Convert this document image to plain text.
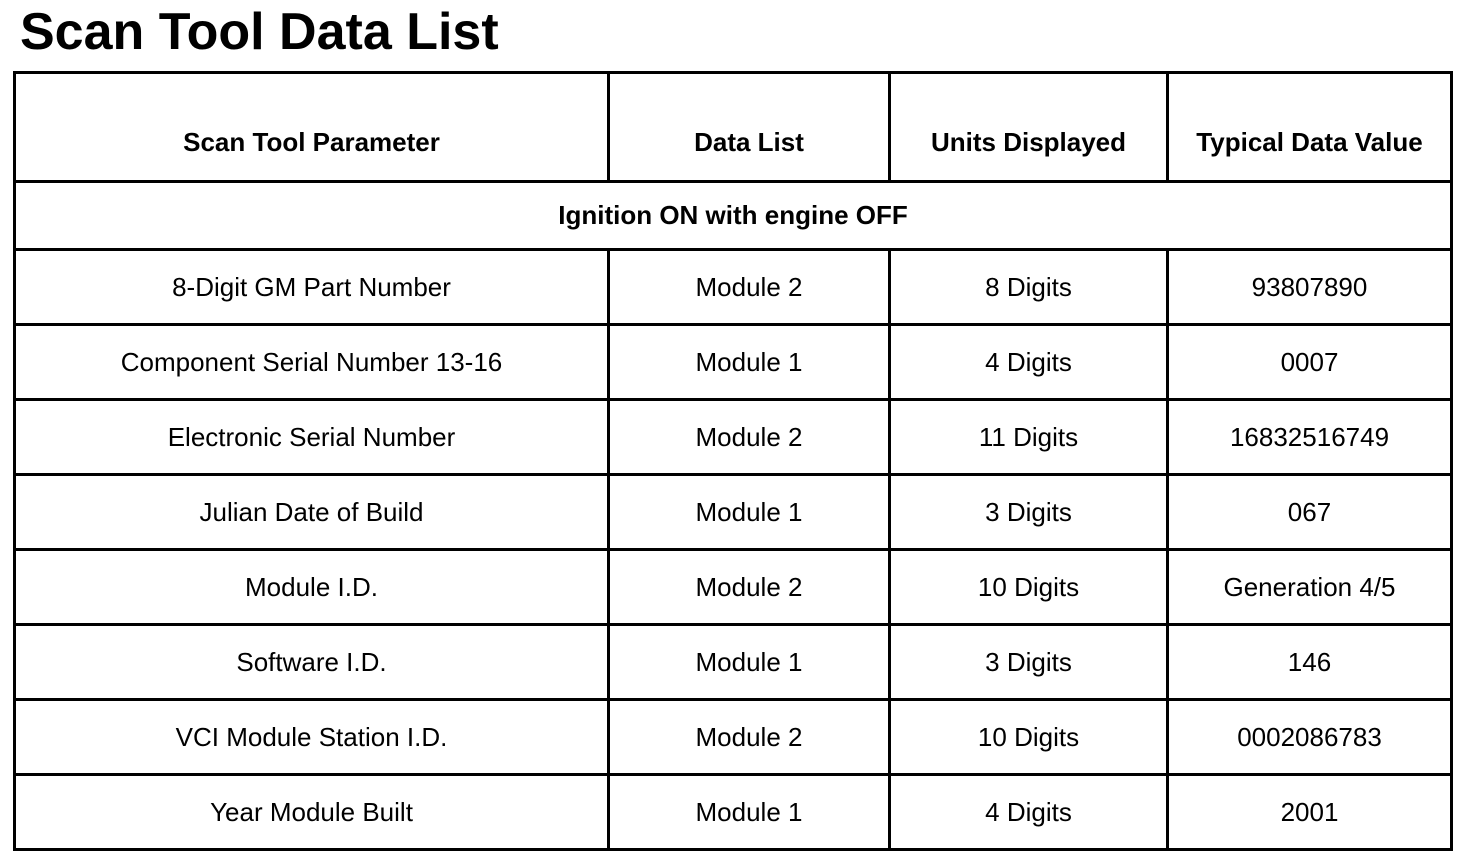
Scan Tool Data List
Scan Tool Parameter	Data List	Units Displayed	Typical Data Value
Ignition ON with engine OFF			
8-Digit GM Part Number	Module 2	8 Digits	93807890
Component Serial Number 13-16	Module 1	4 Digits	0007
Electronic Serial Number	Module 2	11 Digits	16832516749
Julian Date of Build	Module 1	3 Digits	067
Module I.D.	Module 2	10 Digits	Generation 4/5
Software I.D.	Module 1	3 Digits	146
VCI Module Station I.D.	Module 2	10 Digits	0002086783
Year Module Built	Module 1	4 Digits	2001
